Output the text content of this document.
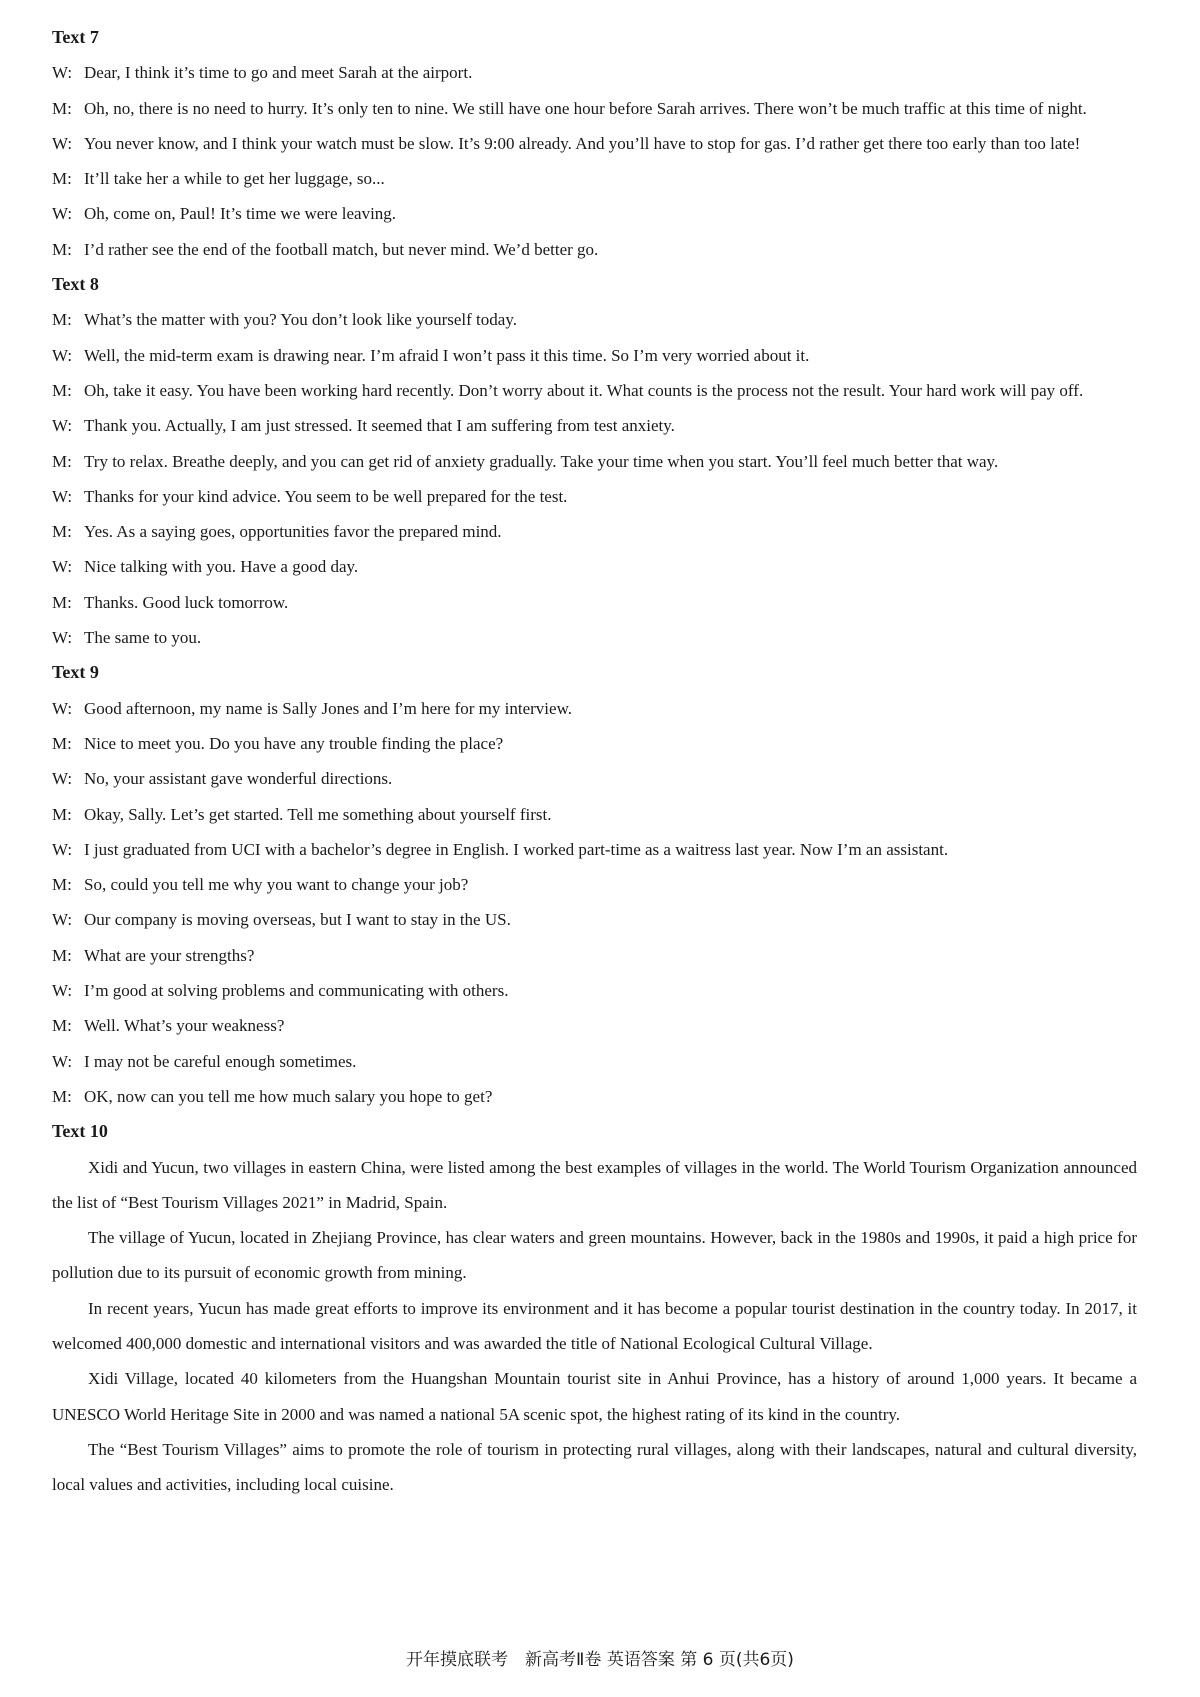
Text 7
W: Dear, I think it’s time to go and meet Sarah at the airport.
M: Oh, no, there is no need to hurry. It’s only ten to nine. We still have one hour before Sarah arrives. There won’t be much traffic at this time of night.
W: You never know, and I think your watch must be slow. It’s 9:00 already. And you’ll have to stop for gas. I’d rather get there too early than too late!
M: It’ll take her a while to get her luggage, so...
W: Oh, come on, Paul! It’s time we were leaving.
M: I’d rather see the end of the football match, but never mind. We’d better go.
Text 8
M: What’s the matter with you? You don’t look like yourself today.
W: Well, the mid-term exam is drawing near. I’m afraid I won’t pass it this time. So I’m very worried about it.
M: Oh, take it easy. You have been working hard recently. Don’t worry about it. What counts is the process not the result. Your hard work will pay off.
W: Thank you. Actually, I am just stressed. It seemed that I am suffering from test anxiety.
M: Try to relax. Breathe deeply, and you can get rid of anxiety gradually. Take your time when you start. You’ll feel much better that way.
W: Thanks for your kind advice. You seem to be well prepared for the test.
M: Yes. As a saying goes, opportunities favor the prepared mind.
W: Nice talking with you. Have a good day.
M: Thanks. Good luck tomorrow.
W: The same to you.
Text 9
W: Good afternoon, my name is Sally Jones and I’m here for my interview.
M: Nice to meet you. Do you have any trouble finding the place?
W: No, your assistant gave wonderful directions.
M: Okay, Sally. Let’s get started. Tell me something about yourself first.
W: I just graduated from UCI with a bachelor’s degree in English. I worked part-time as a waitress last year. Now I’m an assistant.
M: So, could you tell me why you want to change your job?
W: Our company is moving overseas, but I want to stay in the US.
M: What are your strengths?
W: I’m good at solving problems and communicating with others.
M: Well. What’s your weakness?
W: I may not be careful enough sometimes.
M: OK, now can you tell me how much salary you hope to get?
Text 10

Xidi and Yucun, two villages in eastern China, were listed among the best examples of villages in the world. The World Tourism Organization announced the list of “Best Tourism Villages 2021” in Madrid, Spain.

The village of Yucun, located in Zhejiang Province, has clear waters and green mountains. However, back in the 1980s and 1990s, it paid a high price for pollution due to its pursuit of economic growth from mining.

In recent years, Yucun has made great efforts to improve its environment and it has become a popular tourist destination in the country today. In 2017, it welcomed 400,000 domestic and international visitors and was awarded the title of National Ecological Cultural Village.

Xidi Village, located 40 kilometers from the Huangshan Mountain tourist site in Anhui Province, has a history of around 1,000 years. It became a UNESCO World Heritage Site in 2000 and was named a national 5A scenic spot, the highest rating of its kind in the country.

The “Best Tourism Villages” aims to promote the role of tourism in protecting rural villages, along with their landscapes, natural and cultural diversity, local values and activities, including local cuisine.

开年摸底联考　新高考Ⅱ卷 英语答案 第 6 页(共6页)
